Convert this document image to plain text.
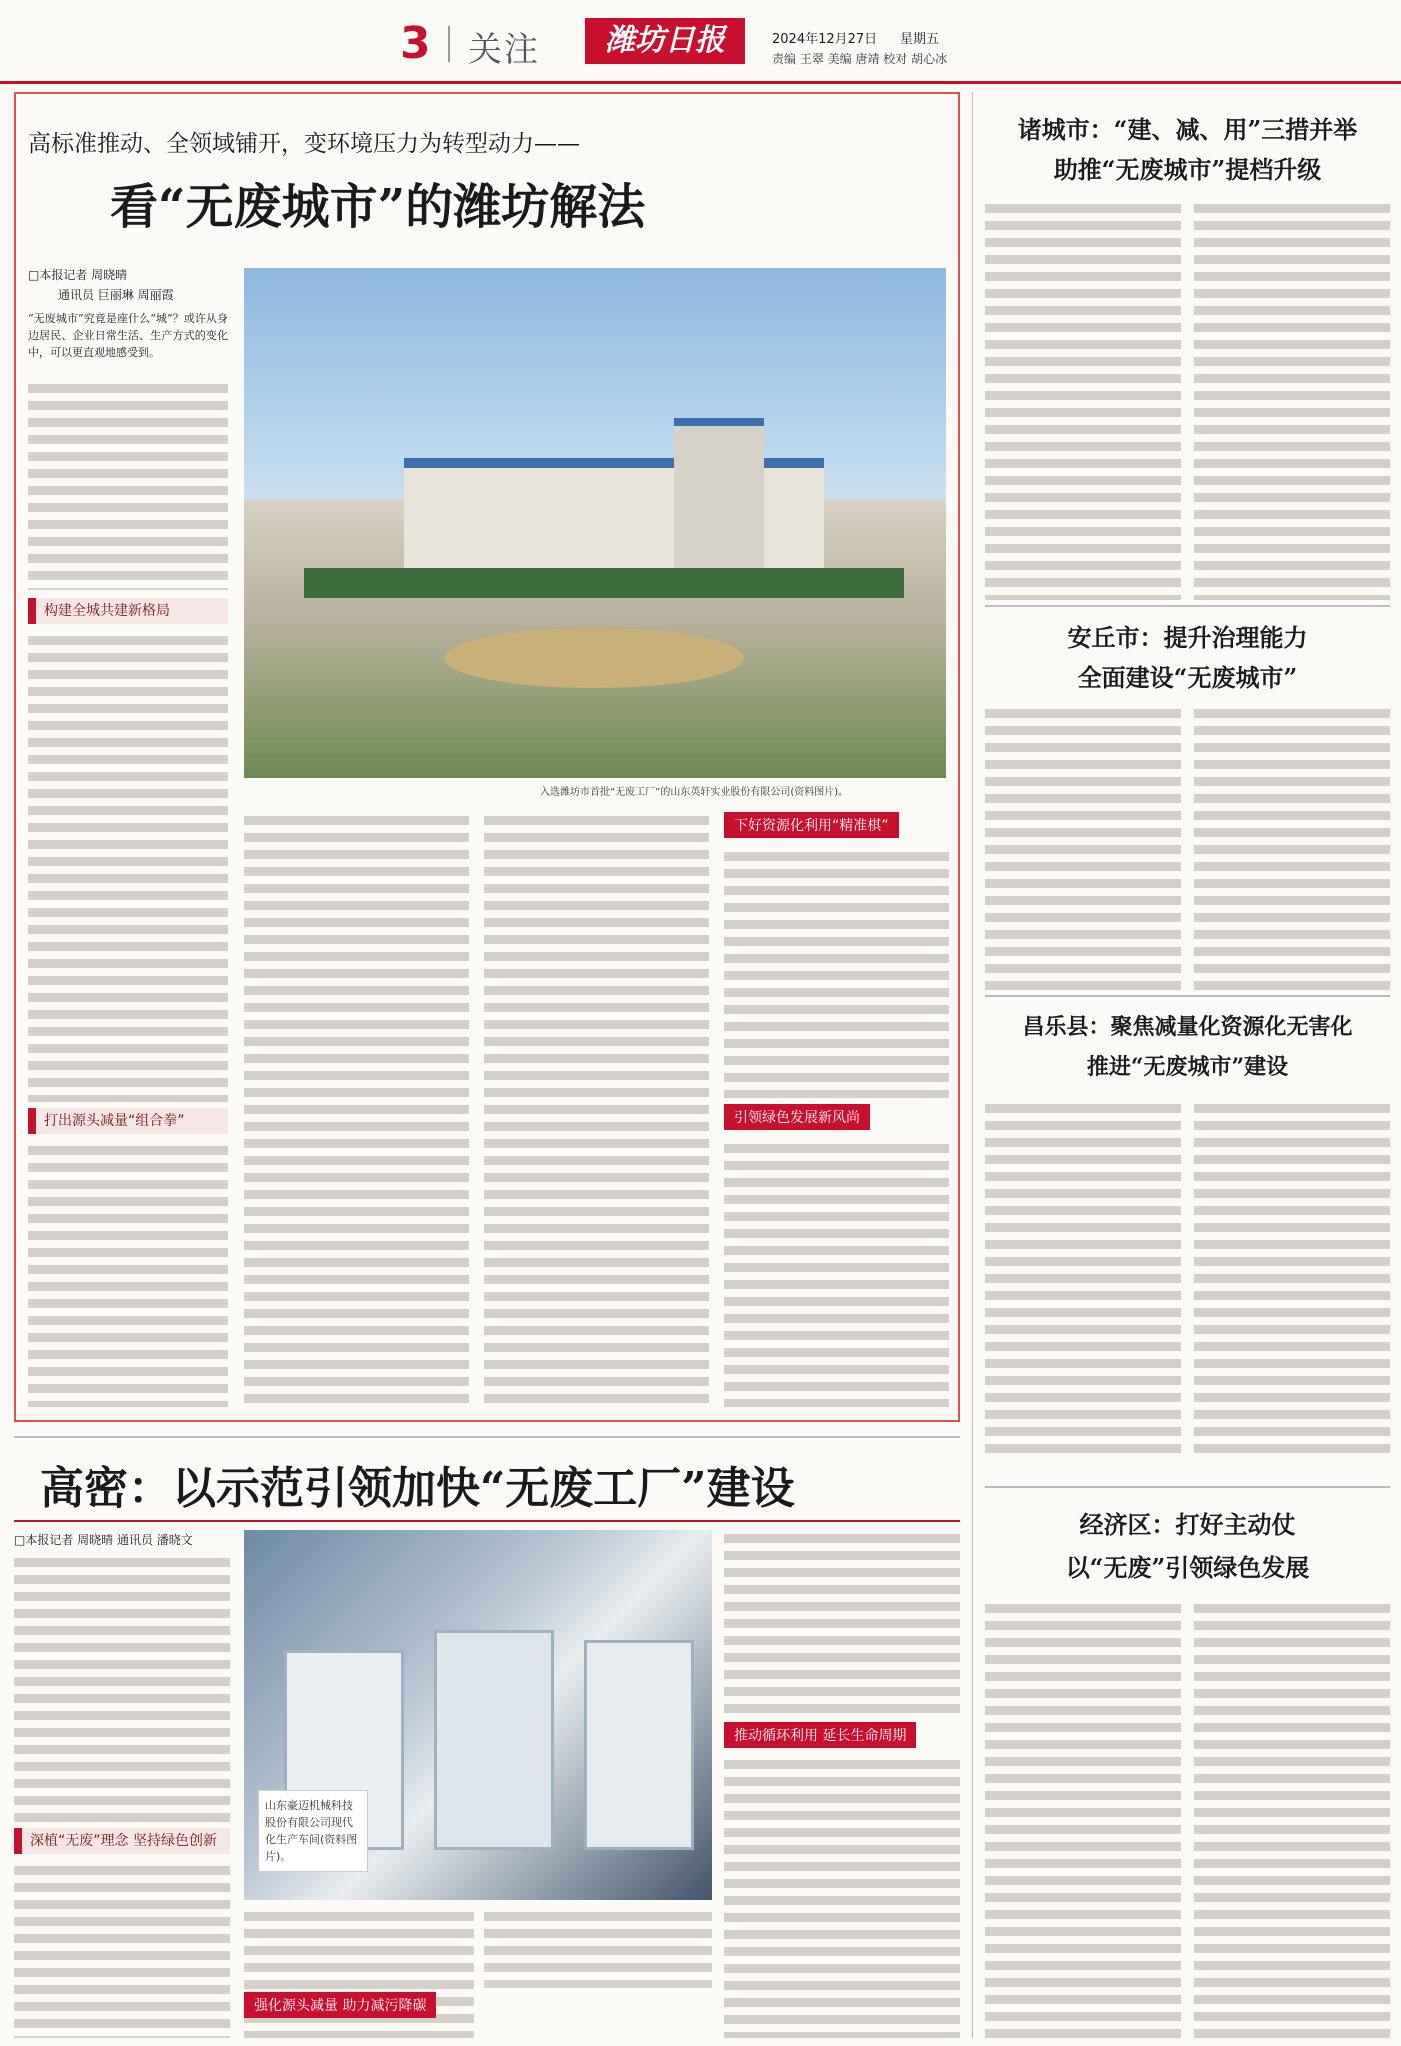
3 关注	潍坊日报	2024年12月27日 星期五
责编 王翠 美编 唐靖 校对 胡心冰
高标准推动、全领域铺开，变环境压力为转型动力——
看“无废城市”的潍坊解法
□本报记者 周晓晴
通讯员 巨丽琳 周丽霞
“无废城市”究竟是座什么“城”？或许从身边居民、企业日常生活、生产方式的变化中，可以更直观地感受到。
入选潍坊市首批“无废工厂”的山东英轩实业股份有限公司(资料图片)。
构建全城共建新格局
打出源头减量“组合拳”
下好资源化利用“精准棋”
引领绿色发展新风尚
高密：以示范引领加快“无废工厂”建设
□本报记者 周晓晴 通讯员 潘晓文
深植“无废”理念 坚持绿色创新
山东豪迈机械科技股份有限公司现代化生产车间(资料图片)。
强化源头减量 助力减污降碳
推动循环利用 延长生命周期
诸城市：“建、减、用”三措并举
助推“无废城市”提档升级
安丘市：提升治理能力
全面建设“无废城市”
昌乐县：聚焦减量化资源化无害化
推进“无废城市”建设
经济区：打好主动仗
以“无废”引领绿色发展
